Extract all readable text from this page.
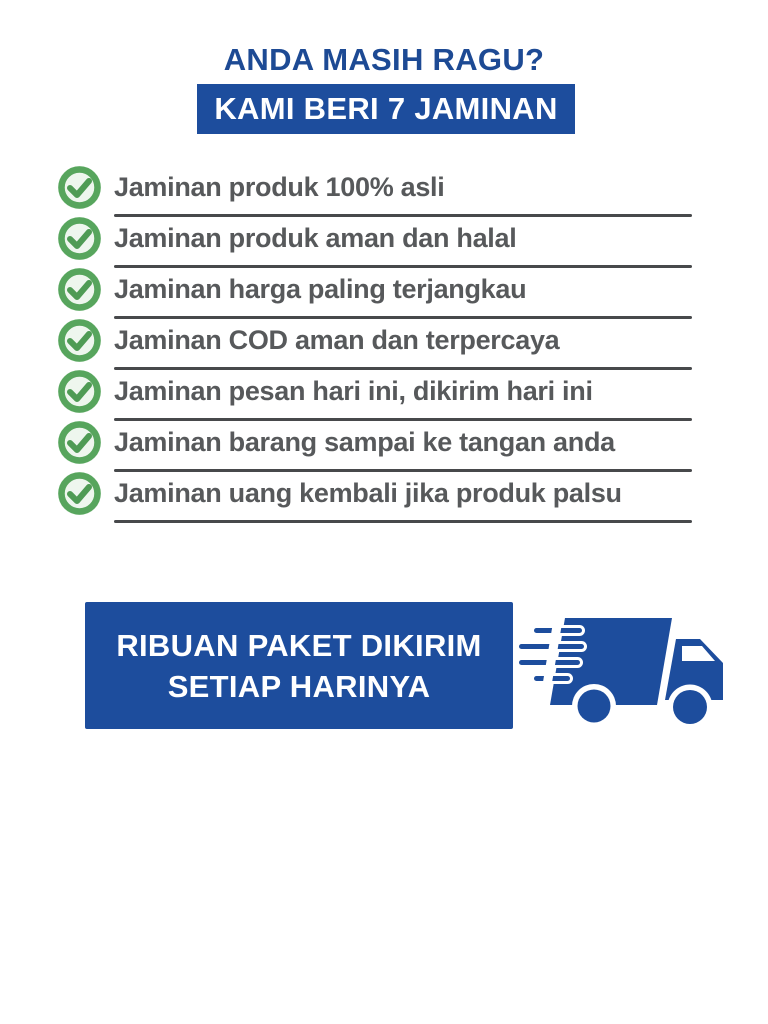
ANDA MASIH RAGU?
KAMI BERI 7 JAMINAN
Jaminan produk 100% asli
Jaminan produk aman dan halal
Jaminan harga paling terjangkau
Jaminan COD aman dan terpercaya
Jaminan pesan hari ini, dikirim hari ini
Jaminan barang sampai ke tangan anda
Jaminan uang kembali jika produk palsu
RIBUAN PAKET DIKIRIM
SETIAP HARINYA
